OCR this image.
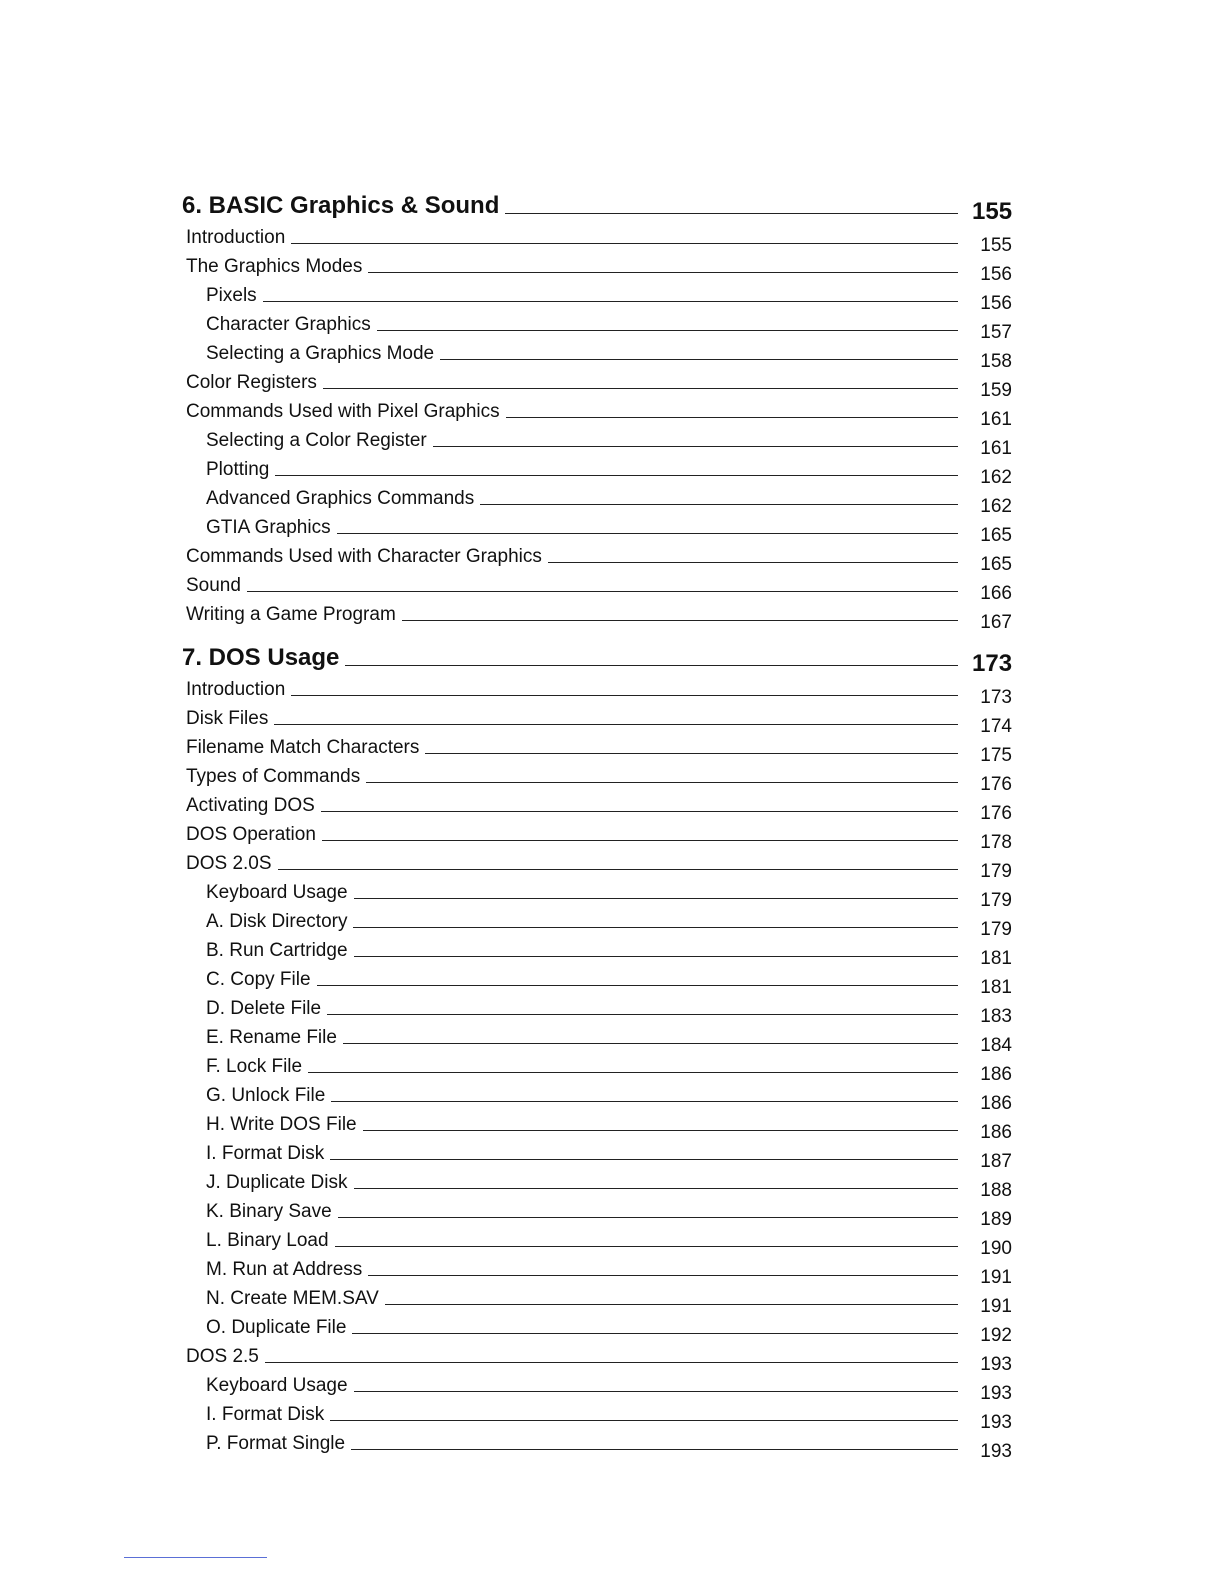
6. BASIC Graphics & Sound	155
Introduction	155
The Graphics Modes	156
Pixels	156
Character Graphics	157
Selecting a Graphics Mode	158
Color Registers	159
Commands Used with Pixel Graphics	161
Selecting a Color Register	161
Plotting	162
Advanced Graphics Commands	162
GTIA Graphics	165
Commands Used with Character Graphics	165
Sound	166
Writing a Game Program	167
7. DOS Usage	173
Introduction	173
Disk Files	174
Filename Match Characters	175
Types of Commands	176
Activating DOS	176
DOS Operation	178
DOS 2.0S	179
Keyboard Usage	179
A. Disk Directory	179
B. Run Cartridge	181
C. Copy File	181
D. Delete File	183
E. Rename File	184
F. Lock File	186
G. Unlock File	186
H. Write DOS File	186
I. Format Disk	187
J. Duplicate Disk	188
K. Binary Save	189
L. Binary Load	190
M. Run at Address	191
N. Create MEM.SAV	191
O. Duplicate File	192
DOS 2.5	193
Keyboard Usage	193
I. Format Disk	193
P. Format Single	193
